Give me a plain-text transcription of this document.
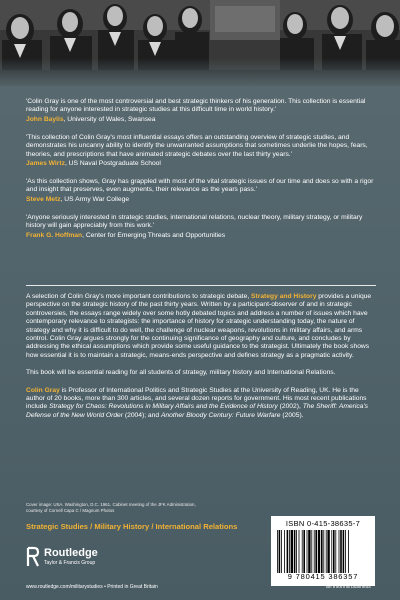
'Colin Gray is one of the most controversial and best strategic thinkers of his generation. This collection is essential reading for anyone interested in strategic studies at this difficult time in world history.'
John Baylis, University of Wales, Swansea
'This collection of Colin Gray's most influential essays offers an outstanding overview of strategic studies, and demonstrates his uncanny ability to identify the unwarranted assumptions that sometimes underlie the hopes, fears, theories, and prescriptions that have animated strategic debates over the last thirty years.'
James Wirtz, US Naval Postgraduate School
'As this collection shows, Gray has grappled with most of the vital strategic issues of our time and does so with a rigor and insight that preserves, even augments, their relevance as the years pass.'
Steve Metz, US Army War College
'Anyone seriously interested in strategic studies, international relations, nuclear theory, military strategy, or military history will gain appreciably from this work.'
Frank G. Hoffman, Center for Emerging Threats and Opportunities

A selection of Colin Gray's more important contributions to strategic debate, Strategy and History provides a unique perspective on the strategic history of the past thirty years. Written by a participant-observer of and in strategic controversies, the essays range widely over some hotly debated topics and address a number of issues which have contemporary relevance to strategists: the importance of history for strategic understanding today, the nature of strategy and why it is difficult to do well, the challenge of nuclear weapons, revolutions in military affairs, and arms control. Colin Gray argues strongly for the continuing significance of geography and culture, and concludes by addressing the ethical assumptions which provide some useful guidance to the strategist. Ultimately the book shows how essential it is to maintain a strategic, means-ends perspective and defines strategy as a pragmatic activity.

This book will be essential reading for all students of strategy, military history and International Relations.

Colin Gray is Professor of International Politics and Strategic Studies at the University of Reading, UK. He is the author of 20 books, more than 300 articles, and several dozen reports for government. His most recent publications include Strategy for Chaos: Revolutions in Military Affairs and the Evidence of History (2002), The Sheriff: America's Defense of the New World Order (2004); and Another Bloody Century: Future Warfare (2005).

Cover image: USA. Washington, D.C. 1961. Cabinet meeting of the JFK Administration,
courtesy of Cornell Capa C / Magnum Photos
Strategic Studies / Military History / International Relations	ISBN 0-415-38635-7
9 780415 386357
Routledge
Taylor & Francis Group
www.routledge.com/militarystudies • Printed in Great Britain	an informa business
